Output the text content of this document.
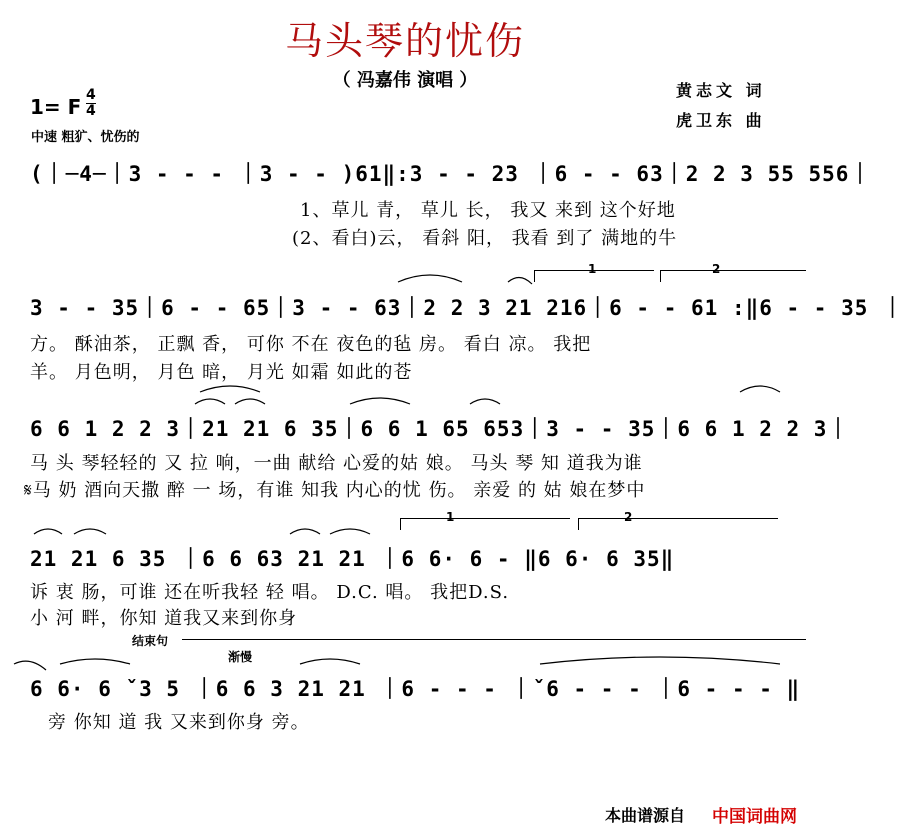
马头琴的忧伤
（ 冯嘉伟 演唱 ）	黄志文 词
虎卫东 曲
1= F 4
4
中速 粗犷、忧伤的
(｜─4─｜3 - - - ｜3 - - )61‖:3 - - 23 ｜6 - - 63｜2 2 3 55 556｜
1、草儿 青， 草儿 长， 我又 来到 这个好地
(2、看白)云， 看斜 阳， 我看 到了 满地的牛
1	2
3 - - 35｜6 - - 65｜3 - - 63｜2 2 3 21 216｜6 - - 61 :‖6 - - 35 ｜
方。 酥油茶， 正飘 香， 可你 不在 夜色的毡 房。 看白 凉。 我把
羊。 月色明， 月色 暗， 月光 如霜 如此的苍
6 6 1 2 2 3｜21 21 6 35｜6 6 1 65 653｜3 - - 35｜6 6 1 2 2 3｜
马 头 琴轻轻的 又 拉 响，一曲 献给 心爱的姑 娘。 马头 琴 知 道我为谁
𝄋马 奶 酒向天撒 醉 一 场，有谁 知我 内心的忧 伤。 亲爱 的 姑 娘在梦中
1	2
21 21 6 35 ｜6 6 63 21 21 ｜6 6· 6 - ‖6 6· 6 35‖
诉 衷 肠，可谁 还在听我轻 轻 唱。 D.C. 唱。 我把D.S.
小 河 畔，你知 道我又来到你身
结束句
渐慢
6 6· 6 ˇ3 5 ｜6 6 3 21 21 ｜6 - - - ｜ˇ6 - - - ｜6 - - - ‖
旁 你知 道 我 又来到你身 旁。
本曲谱源自 中国词曲网
